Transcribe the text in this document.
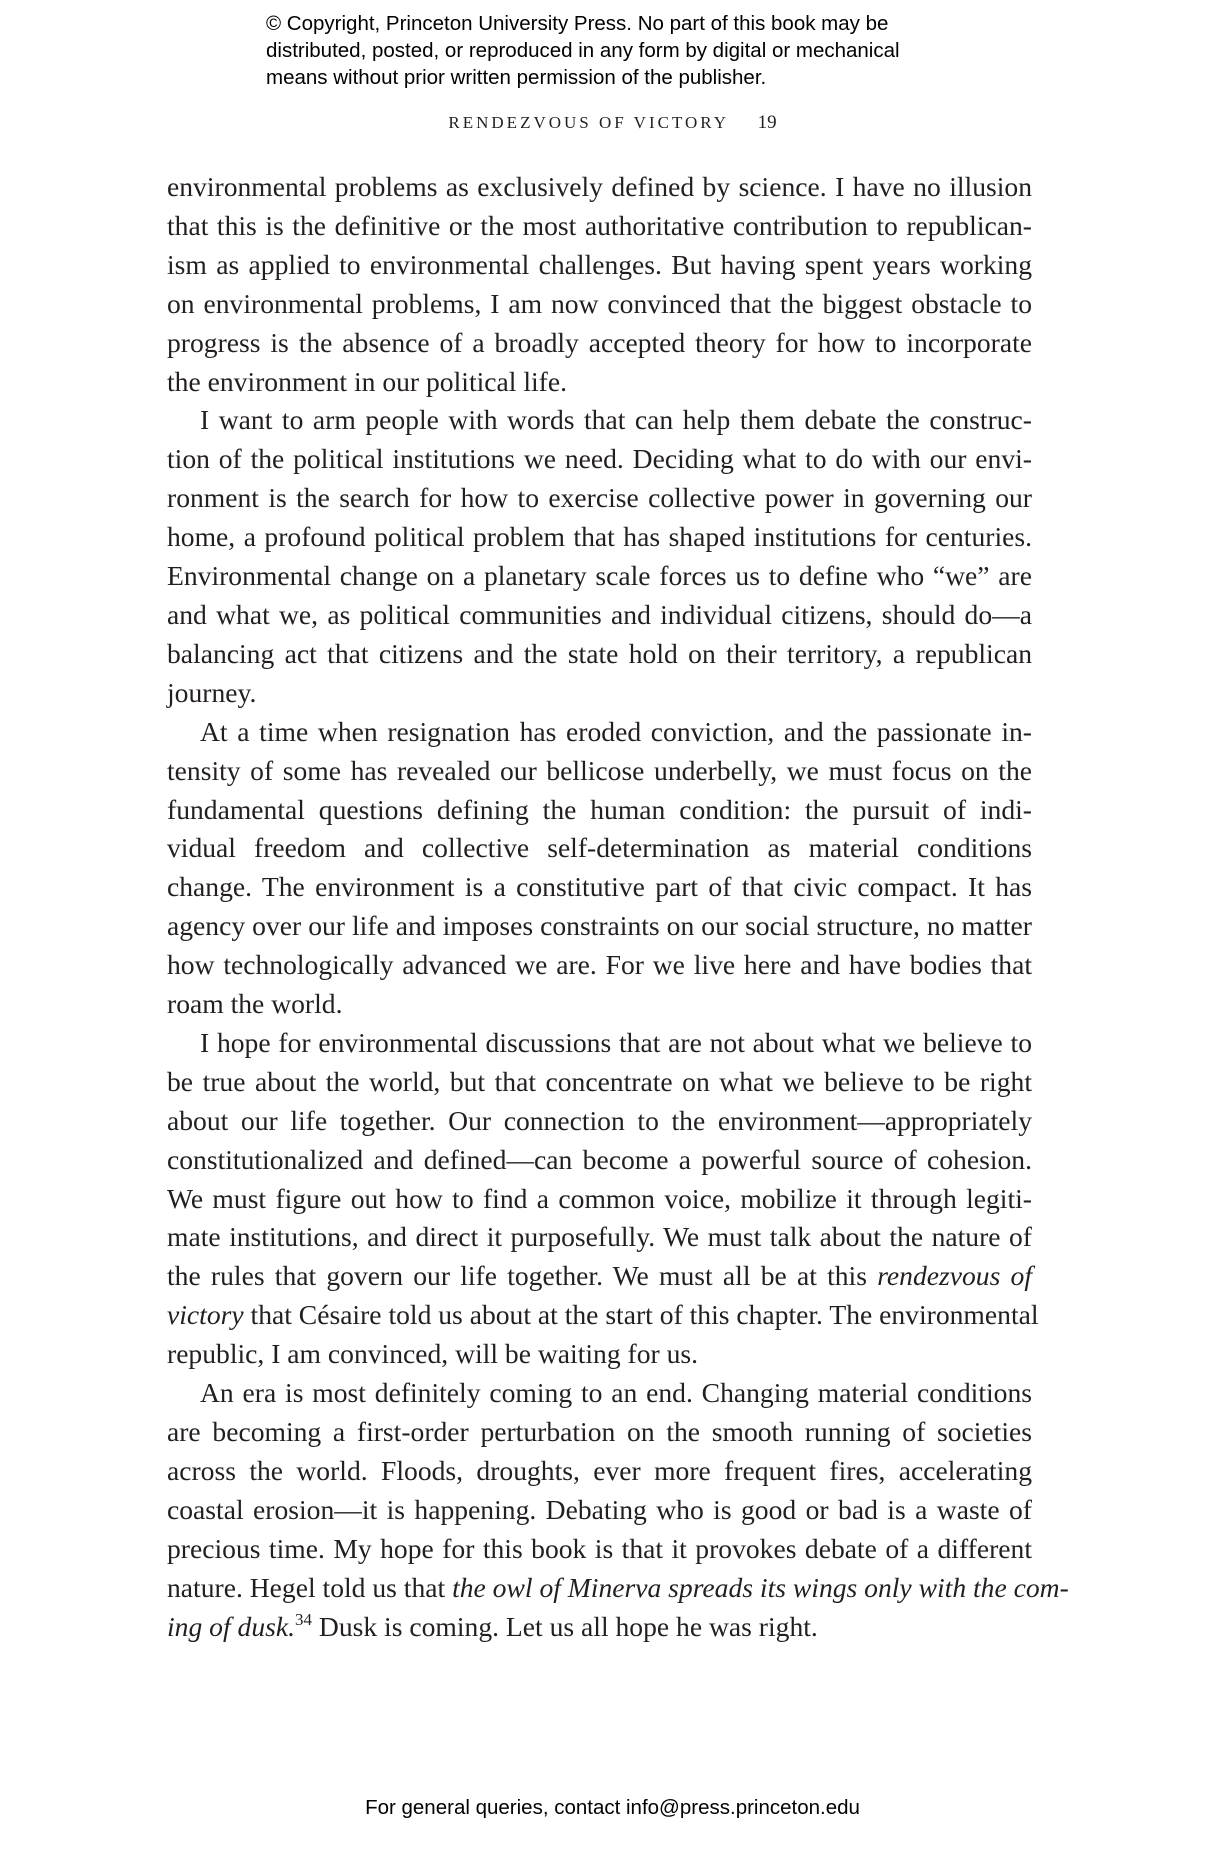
© Copyright, Princeton University Press. No part of this book may be
distributed, posted, or reproduced in any form by digital or mechanical
means without prior written permission of the publisher.
RENDEZVOUS OF VICTORY 19

environmental problems as exclusively defined by science. I have no illusion
that this is the definitive or the most authoritative contribution to republican-
ism as applied to environmental challenges. But having spent years working
on environmental problems, I am now convinced that the biggest obstacle to
progress is the absence of a broadly accepted theory for how to incorporate
the environment in our political life.

I want to arm people with words that can help them debate the construc-
tion of the political institutions we need. Deciding what to do with our envi-
ronment is the search for how to exercise collective power in governing our
home, a profound political problem that has shaped institutions for centuries.
Environmental change on a planetary scale forces us to define who “we” are
and what we, as political communities and individual citizens, should do—a
balancing act that citizens and the state hold on their territory, a republican
journey.

At a time when resignation has eroded conviction, and the passionate in-
tensity of some has revealed our bellicose underbelly, we must focus on the
fundamental questions defining the human condition: the pursuit of indi-
vidual freedom and collective self-determination as material conditions
change. The environment is a constitutive part of that civic compact. It has
agency over our life and imposes constraints on our social structure, no matter
how technologically advanced we are. For we live here and have bodies that
roam the world.

I hope for environmental discussions that are not about what we believe to
be true about the world, but that concentrate on what we believe to be right
about our life together. Our connection to the environment—appropriately
constitutionalized and defined—can become a powerful source of cohesion.
We must figure out how to find a common voice, mobilize it through legiti-
mate institutions, and direct it purposefully. We must talk about the nature of
the rules that govern our life together. We must all be at this rendezvous of
victory that Césaire told us about at the start of this chapter. The environmental
republic, I am convinced, will be waiting for us.

An era is most definitely coming to an end. Changing material conditions
are becoming a first-order perturbation on the smooth running of societies
across the world. Floods, droughts, ever more frequent fires, accelerating
coastal erosion—it is happening. Debating who is good or bad is a waste of
precious time. My hope for this book is that it provokes debate of a different
nature. Hegel told us that the owl of Minerva spreads its wings only with the com-
ing of dusk.$^{34}$ Dusk is coming. Let us all hope he was right.

For general queries, contact info@press.princeton.edu
